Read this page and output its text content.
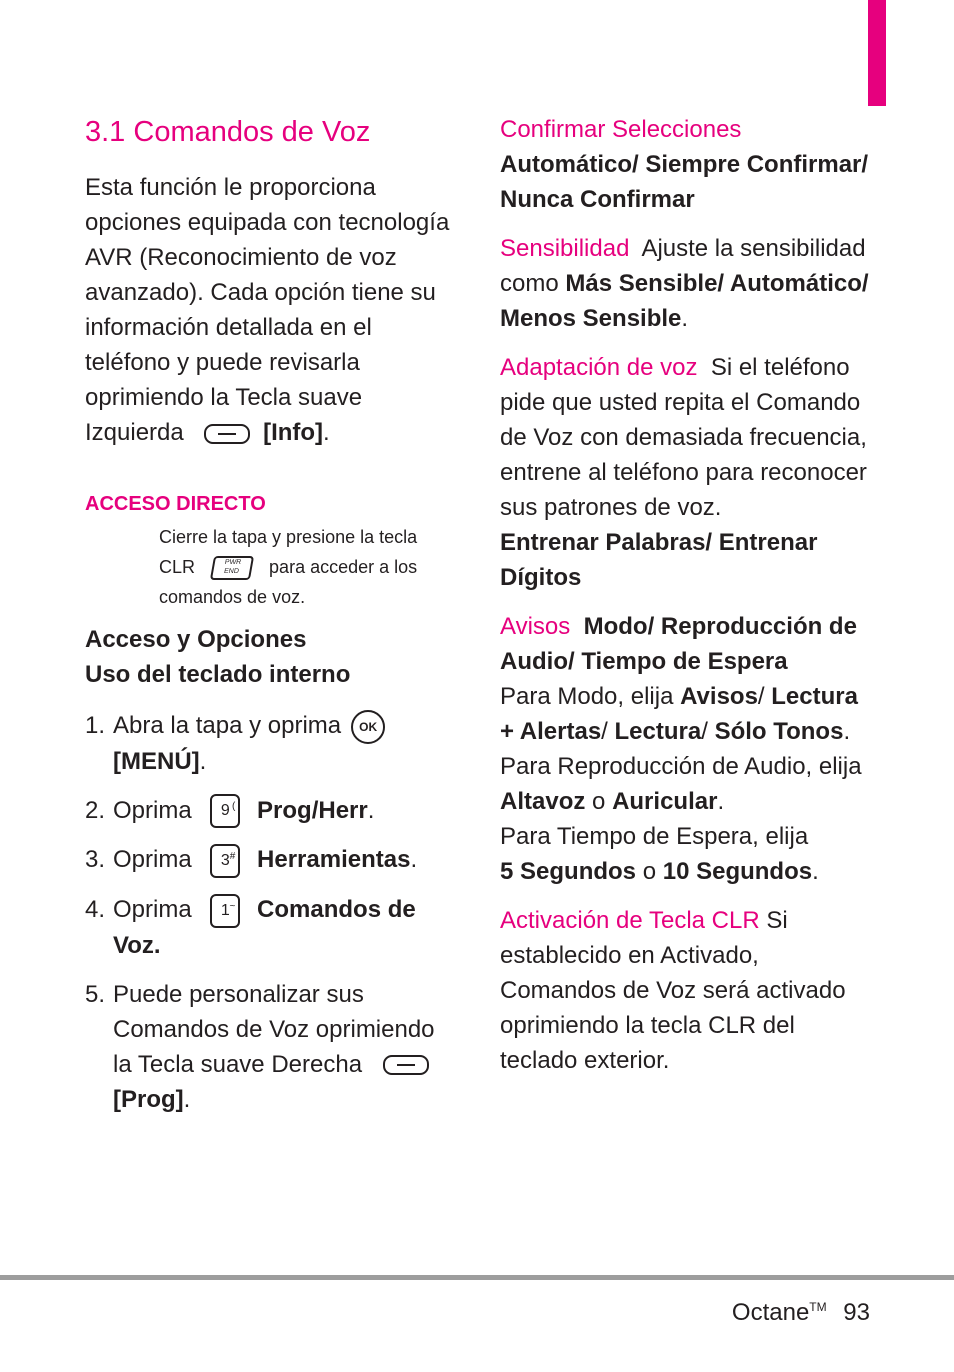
3.1 Comandos de Voz

Esta función le proporciona opciones equipada con tecnología AVR (Reconocimiento de voz avanzado). Cada opción tiene su información detallada en el teléfono y puede revisarla oprimiendo la Tecla suave Izquierda	[Info].

ACCESO DIRECTO

Cierre la tapa y presione la tecla CLR	PWR
END para acceder a los comandos de voz.

Acceso y Opciones
Uso del teclado interno
1. Abra la tapa y oprima OK
[MENÚ].
2. Oprima	(
9 Prog/Herr.
3. Oprima	#
3 Herramientas.
4. Oprima	~
1 Comandos de Voz.
5. Puede personalizar sus Comandos de Voz oprimiendo la Tecla suave Derecha
[Prog].
Confirmar Selecciones
Automático/ Siempre Confirmar/ Nunca Confirmar
Sensibilidad Ajuste la sensibilidad como Más Sensible/ Automático/ Menos Sensible.
Adaptación de voz Si el teléfono pide que usted repita el Comando de Voz con demasiada frecuencia, entrene al teléfono para reconocer sus patrones de voz.
Entrenar Palabras/ Entrenar Dígitos
Avisos Modo/ Reproducción de Audio/ Tiempo de Espera
Para Modo, elija Avisos/ Lectura + Alertas/ Lectura/ Sólo Tonos.
Para Reproducción de Audio, elija Altavoz o Auricular.
Para Tiempo de Espera, elija
5 Segundos o 10 Segundos.
Activación de Tecla CLR Si establecido en Activado, Comandos de Voz será activado oprimiendo la tecla CLR del teclado exterior.
Octane™ 93
